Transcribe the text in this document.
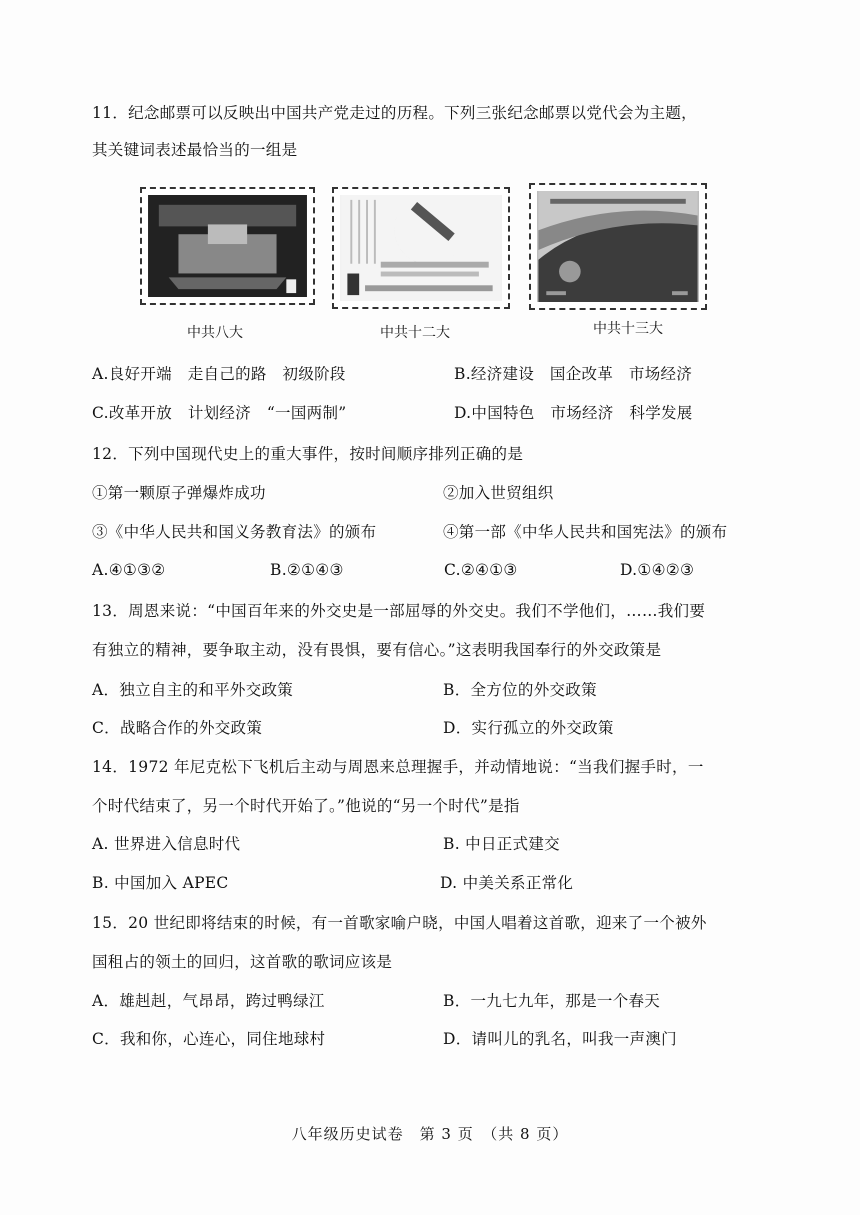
11．纪念邮票可以反映出中国共产党走过的历程。下列三张纪念邮票以党代会为主题，
其关键词表述最恰当的一组是
中共八大	中共十二大	中共十三大
A.良好开端　走自己的路　初级阶段	B.经济建设　国企改革　市场经济
C.改革开放　计划经济　“一国两制”	D.中国特色　市场经济　科学发展
12．下列中国现代史上的重大事件，按时间顺序排列正确的是
①第一颗原子弹爆炸成功	②加入世贸组织
③《中华人民共和国义务教育法》的颁布	④第一部《中华人民共和国宪法》的颁布
A.④①③②	B.②①④③	C.②④①③	D.①④②③
13．周恩来说：“中国百年来的外交史是一部屈辱的外交史。我们不学他们，……我们要
有独立的精神，要争取主动，没有畏惧，要有信心。”这表明我国奉行的外交政策是
A．独立自主的和平外交政策	B．全方位的外交政策
C．战略合作的外交政策	D．实行孤立的外交政策
14．1972 年尼克松下飞机后主动与周恩来总理握手，并动情地说：“当我们握手时，一
个时代结束了，另一个时代开始了。”他说的“另一个时代”是指
A. 世界进入信息时代	B. 中日正式建交
B. 中国加入 APEC	D. 中美关系正常化
15．20 世纪即将结束的时候，有一首歌家喻户晓，中国人唱着这首歌，迎来了一个被外
国租占的领土的回归，这首歌的歌词应该是
A．雄赳赳，气昂昂，跨过鸭绿江	B．一九七九年，那是一个春天
C．我和你，心连心，同住地球村	D．请叫儿的乳名，叫我一声澳门
八年级历史试卷　第 3 页　（共 8 页）
